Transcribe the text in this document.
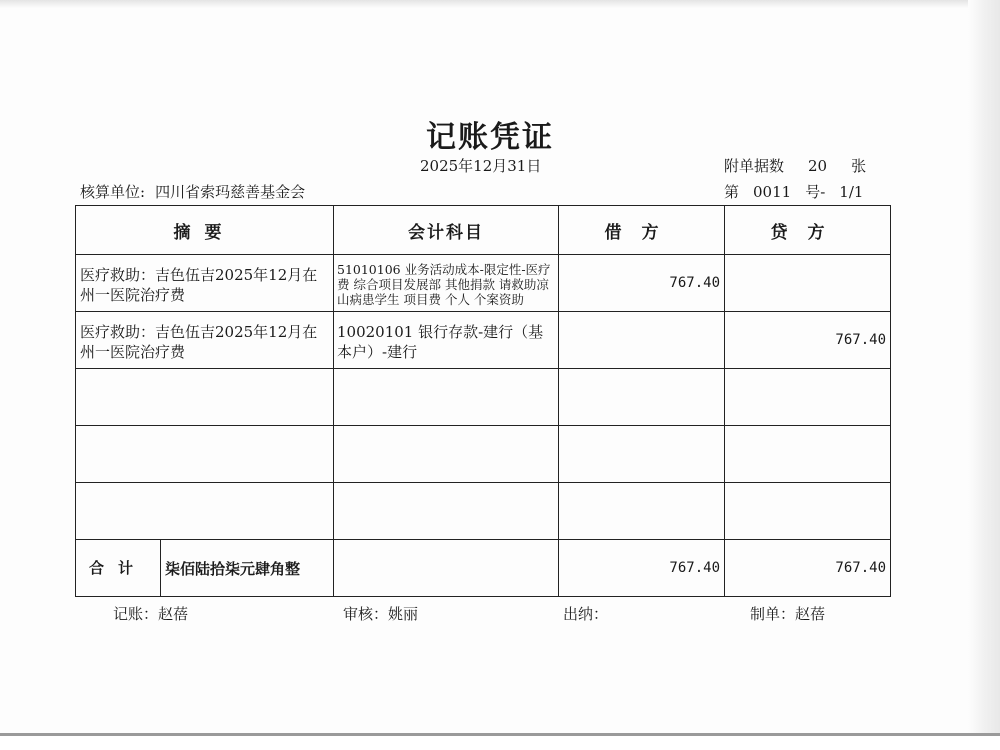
记账凭证
2025年12月31日	附单据数 20 张
核算单位: 四川省索玛慈善基金会	第 0011 号- 1/1
摘要	会计科目	借方	贷方

医疗救助：吉色伍吉2025年12月在州一医院治疗费	51010106 业务活动成本-限定性-医疗费 综合项目发展部 其他捐款 请救助凉山病患学生 项目费 个人 个案资助	767.40	

医疗救助：吉色伍吉2025年12月在州一医院治疗费	10020101 银行存款-建行（基本户）-建行		767.40

合计 柒佰陆拾柒元肆角整		767.40	767.40
记账：赵蓓	审核：姚丽	出纳：	制单：赵蓓
